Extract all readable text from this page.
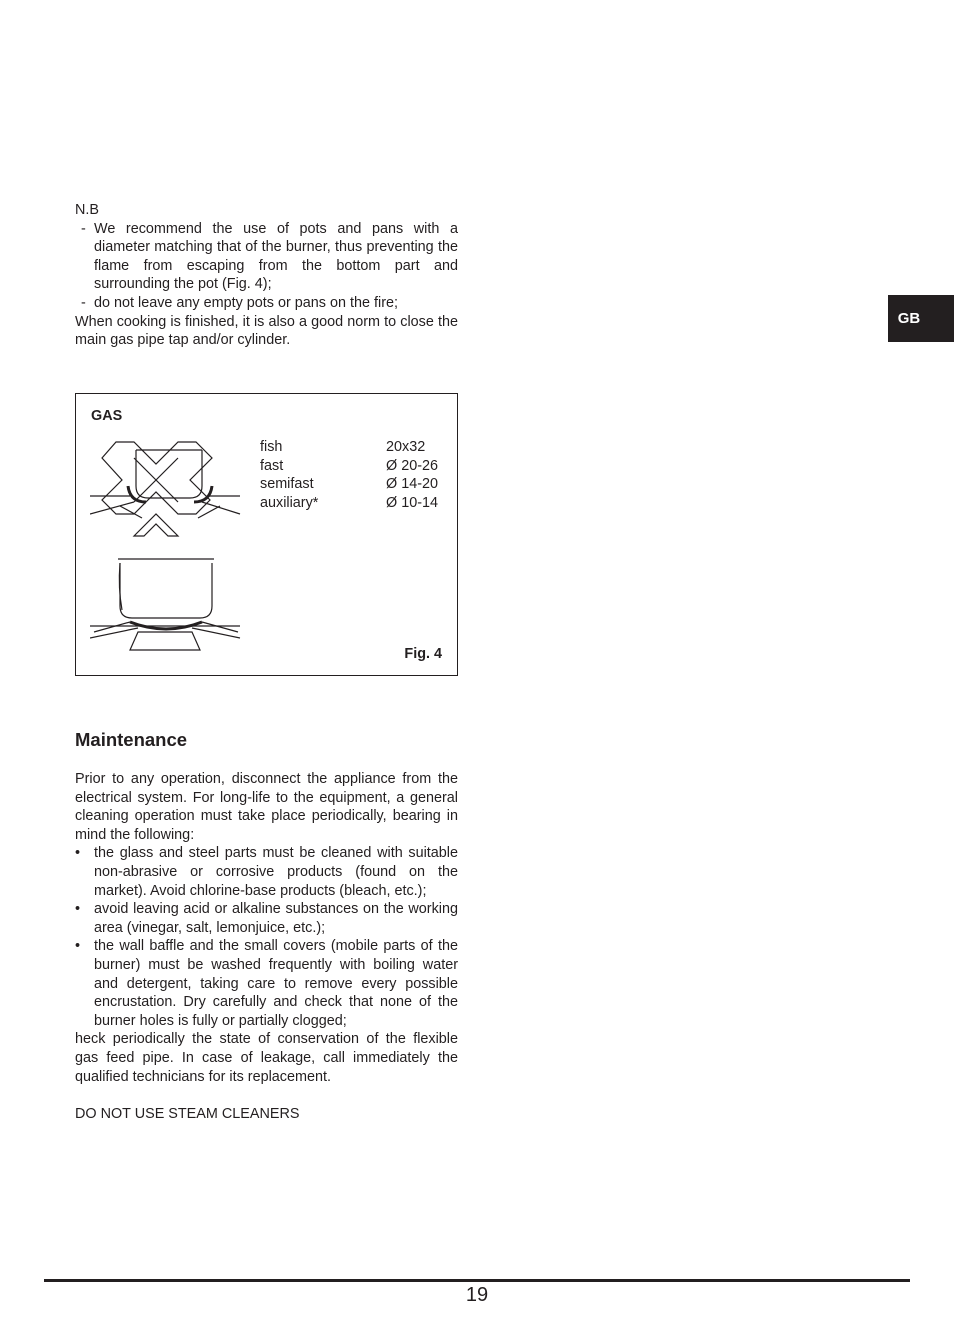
GB
N.B
- We recommend the use of pots and pans with a diameter matching that of the burner, thus preventing the flame from escaping from the bottom part and surrounding the pot (Fig. 4);
- do not leave any empty pots or pans on the fire;
When cooking is finished, it is also a good norm to close the main gas pipe tap and/or cylinder.
GAS
fish	20x32
fast	Ø 20-26
semifast	Ø 14-20
auxiliary*	Ø 10-14
Fig. 4
Maintenance
Prior to any operation, disconnect the appliance from the electrical system. For long-life to the equipment, a general cleaning operation must take place periodically, bearing in mind the following:
• the glass and steel parts must be cleaned with suitable non-abrasive or corrosive products (found on the market). Avoid chlorine-base products (bleach, etc.);
• avoid leaving acid or alkaline substances on the working area (vinegar, salt, lemonjuice, etc.);
• the wall baffle and the small covers (mobile parts of the burner) must be washed frequently with boiling water and detergent, taking care to remove every possible encrustation. Dry carefully and check that none of the burner holes is fully or partially clogged;
heck periodically the state of conservation of the flexible gas feed pipe. In case of leakage, call immediately the qualified technicians for its replacement.
DO NOT USE STEAM CLEANERS
19
